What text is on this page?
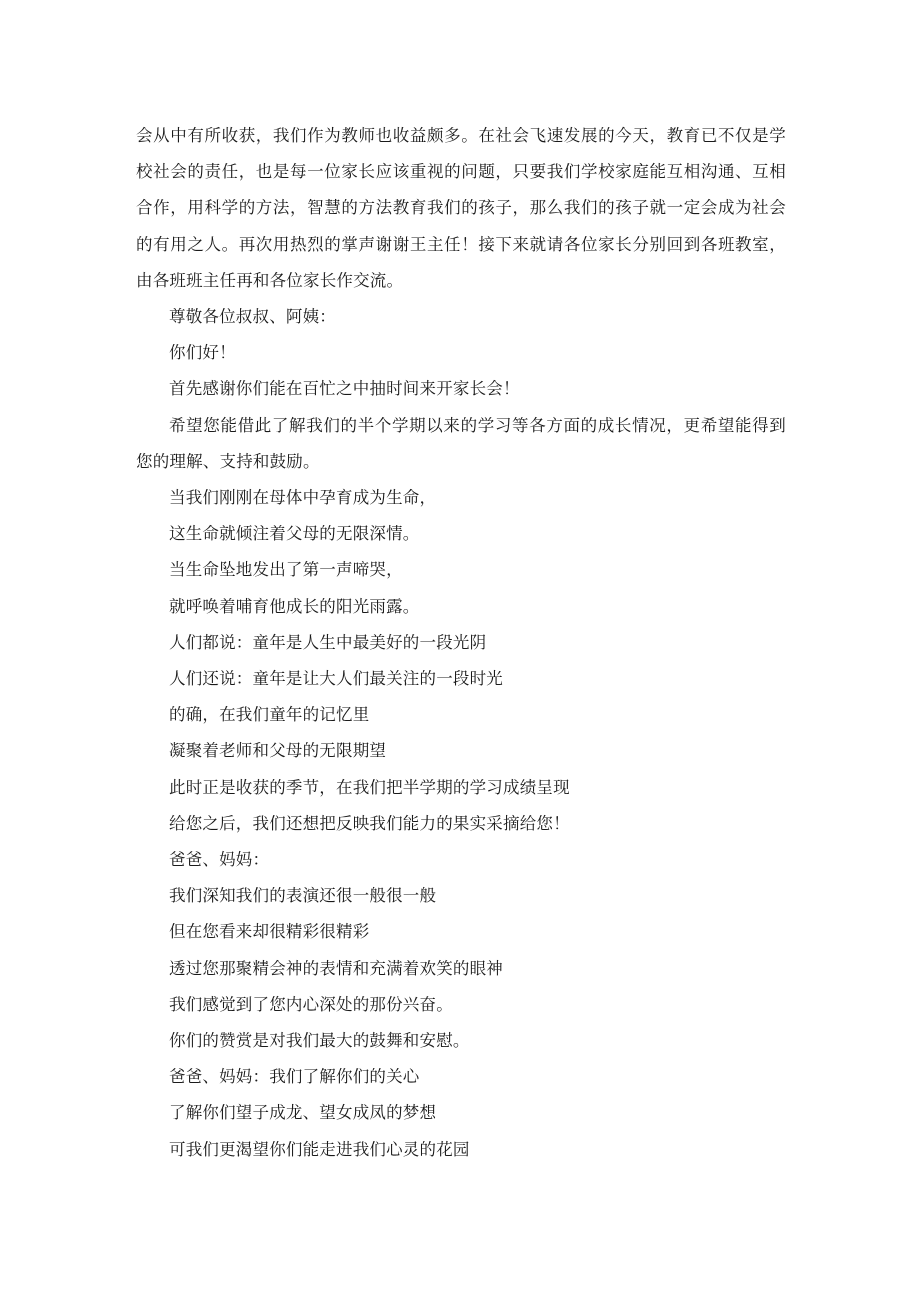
会从中有所收获，我们作为教师也收益颇多。在社会飞速发展的今天，教育已不仅是学校社会的责任，也是每一位家长应该重视的问题，只要我们学校家庭能互相沟通、互相合作，用科学的方法，智慧的方法教育我们的孩子，那么我们的孩子就一定会成为社会的有用之人。再次用热烈的掌声谢谢王主任！接下来就请各位家长分别回到各班教室，由各班班主任再和各位家长作交流。

尊敬各位叔叔、阿姨：

你们好！

首先感谢你们能在百忙之中抽时间来开家长会！

希望您能借此了解我们的半个学期以来的学习等各方面的成长情况，更希望能得到您的理解、支持和鼓励。

当我们刚刚在母体中孕育成为生命，

这生命就倾注着父母的无限深情。

当生命坠地发出了第一声啼哭，

就呼唤着哺育他成长的阳光雨露。

人们都说：童年是人生中最美好的一段光阴

人们还说：童年是让大人们最关注的一段时光

的确，在我们童年的记忆里

凝聚着老师和父母的无限期望

此时正是收获的季节，在我们把半学期的学习成绩呈现

给您之后，我们还想把反映我们能力的果实采摘给您！

爸爸、妈妈：

我们深知我们的表演还很一般很一般

但在您看来却很精彩很精彩

透过您那聚精会神的表情和充满着欢笑的眼神

我们感觉到了您内心深处的那份兴奋。

你们的赞赏是对我们最大的鼓舞和安慰。

爸爸、妈妈：我们了解你们的关心

了解你们望子成龙、望女成凤的梦想

可我们更渴望你们能走进我们心灵的花园
